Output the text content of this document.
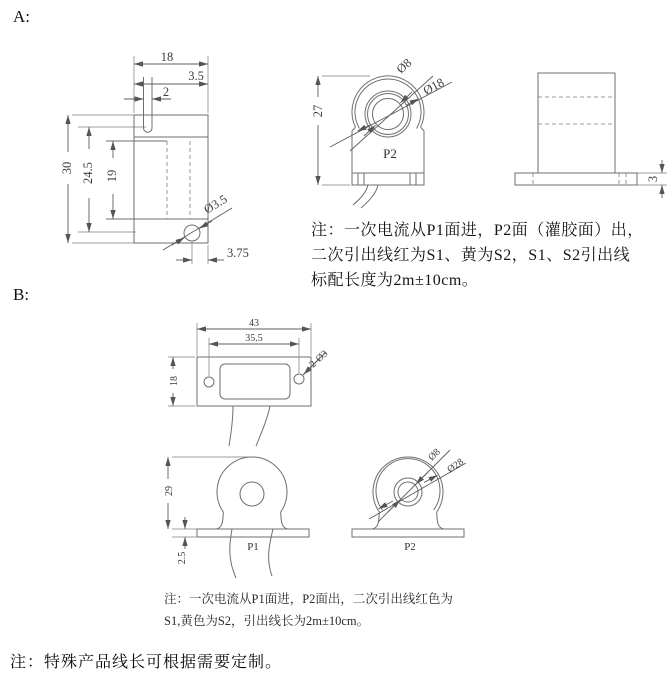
A:
18
3.5
2
30 24.5 19
Ø3.5
3.75
27
Ø8
Ø18
P2
3
注：一次电流从P1面进，P2面（灌胶面）出，
二次引出线红为S1、黄为S2，S1、S2引出线
标配长度为2m±10cm。
B:
43
35.5
18
2-Ø3
29
2.5
P1
Ø8
Ø28
P2
注：一次电流从P1面进，P2面出，二次引出线红色为
S1,黄色为S2，引出线长为2m±10cm。
注：特殊产品线长可根据需要定制。
